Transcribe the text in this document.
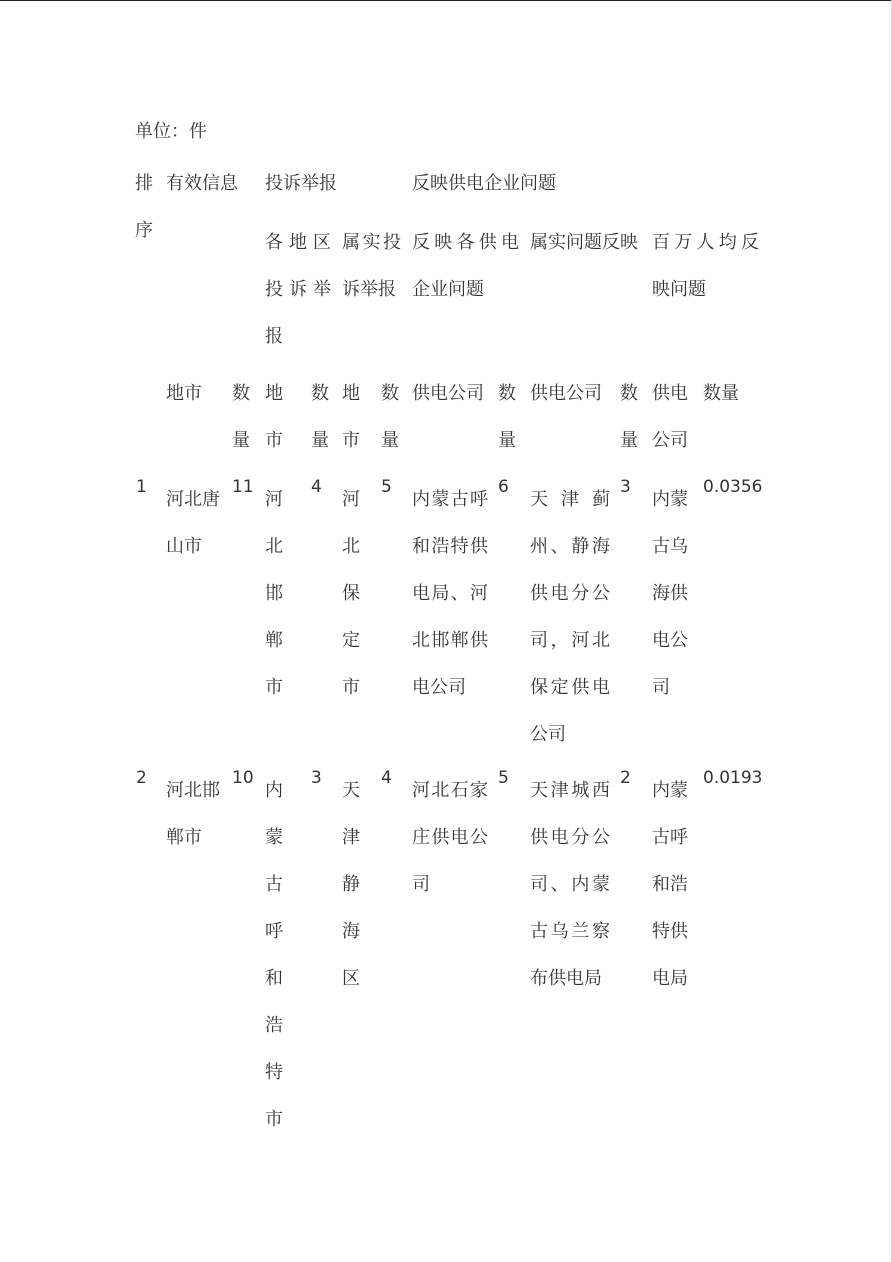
单位：件
排
序
有效信息 投诉举报	反映供电企业问题
各地区
投诉举
报
属实投
诉举报
反映各供电
企业问题
属实问题反映 百万人均反
映问题
地市 数
量
地
市
数
量
地
市
数
量
供电公司 数
量
供电公司 数
量
供电
公司
数量
1
河北唐
山市
11
河
北
邯
郸
市
4
河
北
保
定
市
5
内蒙古呼
和浩特供
电局、河
北邯郸供
电公司
6
天津蓟
州、静海
供电分公
司，河北
保定供电
公司
3
内蒙
古乌
海供
电公
司
0.0356
2
河北邯
郸市
10
内
蒙
古
呼
和
浩
特
市
3
天
津
静
海
区
4
河北石家
庄供电公
司
5
天津城西
供电分公
司、内蒙
古乌兰察
布供电局
2
内蒙
古呼
和浩
特供
电局
0.0193
